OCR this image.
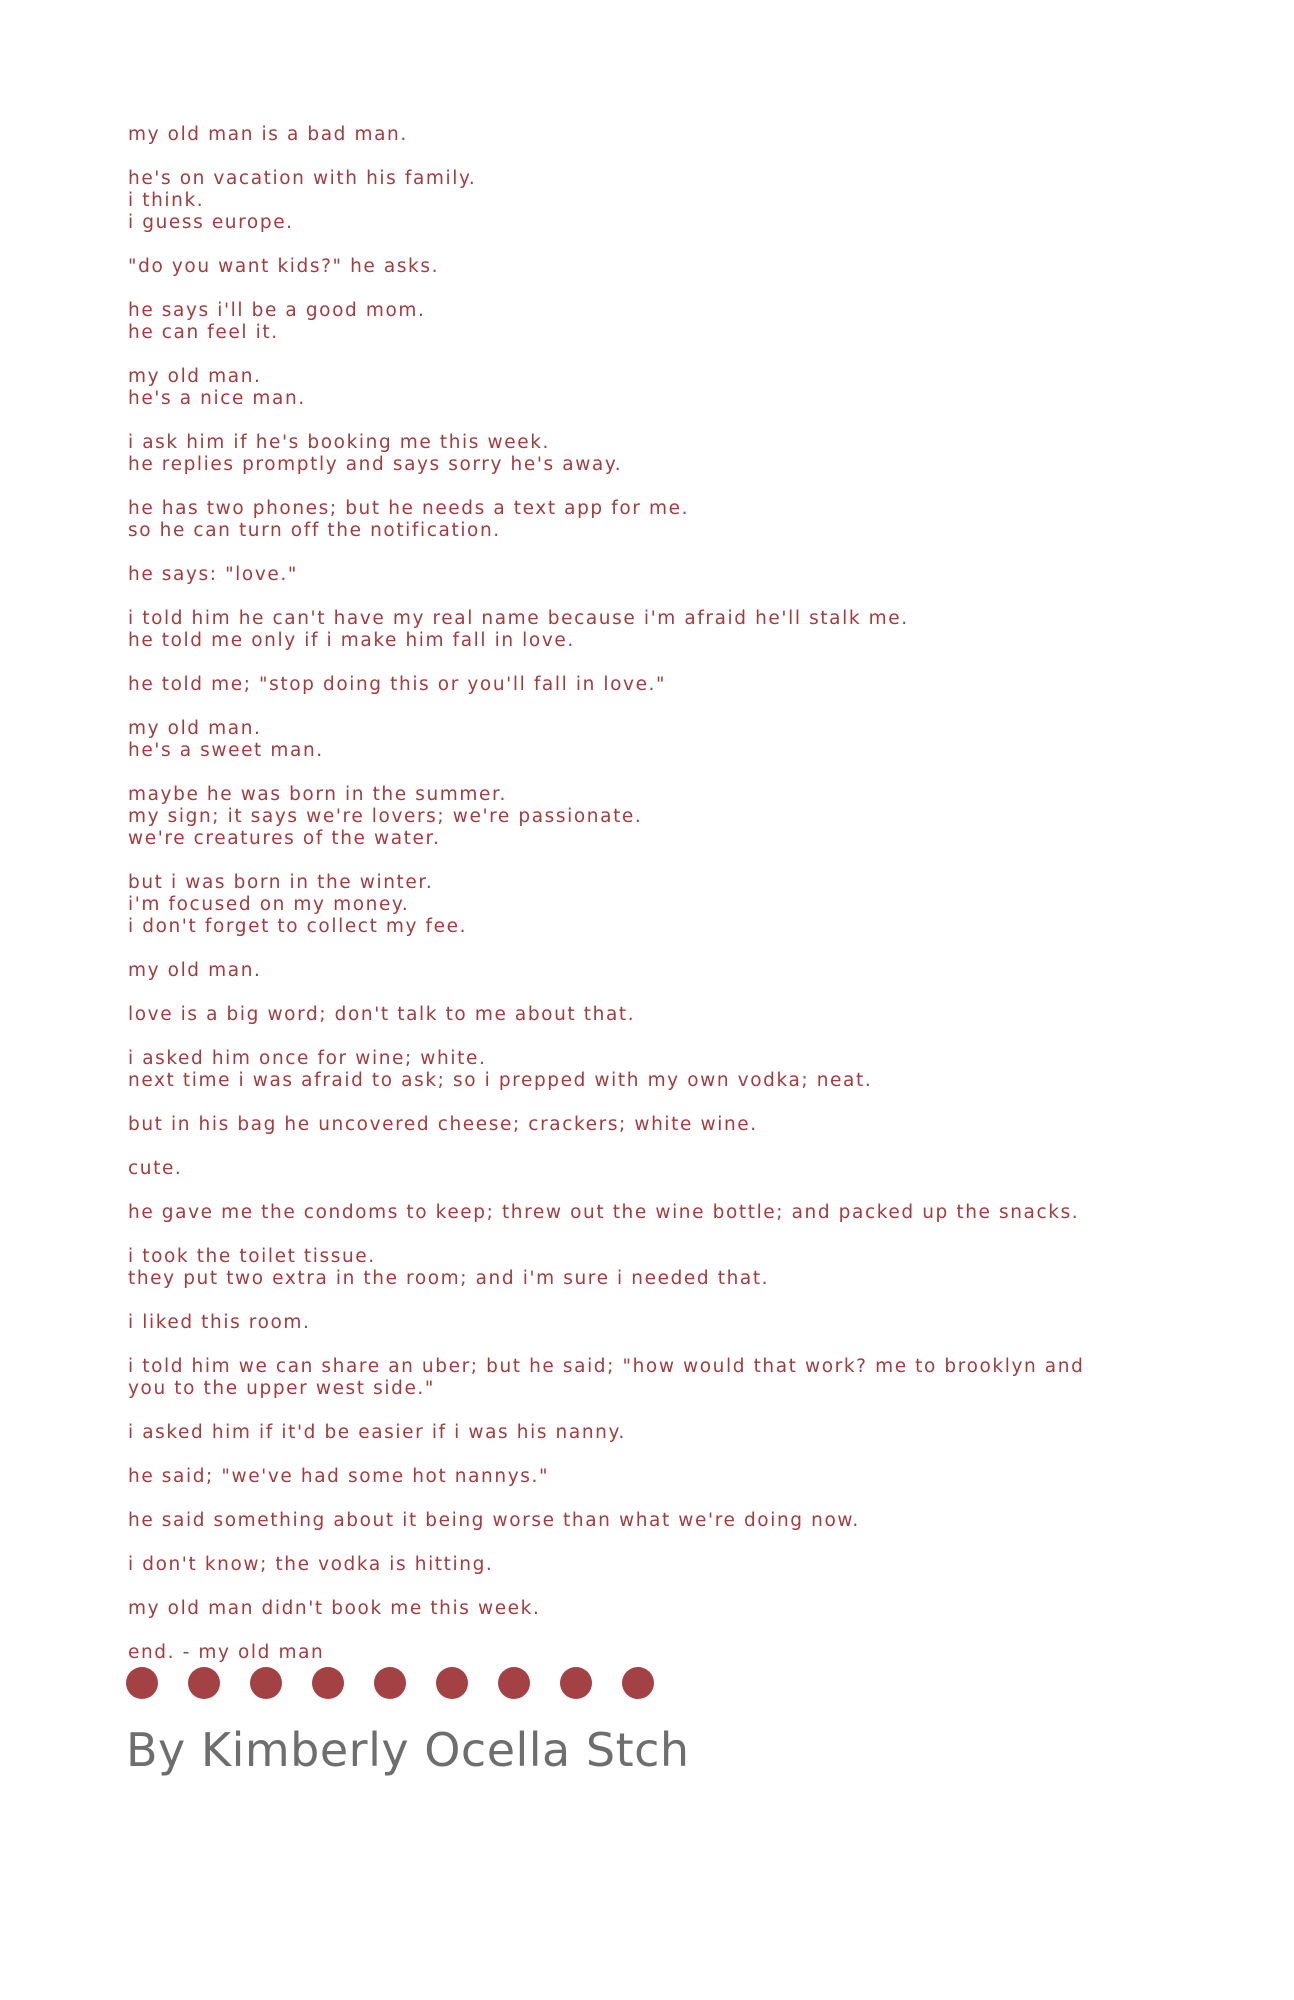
my old man is a bad man.
he's on vacation with his family.
i think.
i guess europe.
"do you want kids?" he asks.
he says i'll be a good mom.
he can feel it.
my old man.
he's a nice man.
i ask him if he's booking me this week.
he replies promptly and says sorry he's away.
he has two phones; but he needs a text app for me.
so he can turn off the notification.
he says: "love."
i told him he can't have my real name because i'm afraid he'll stalk me.
he told me only if i make him fall in love.
he told me; "stop doing this or you'll fall in love."
my old man.
he's a sweet man.
maybe he was born in the summer.
my sign; it says we're lovers; we're passionate.
we're creatures of the water.
but i was born in the winter.
i'm focused on my money.
i don't forget to collect my fee.
my old man.
love is a big word; don't talk to me about that.
i asked him once for wine; white.
next time i was afraid to ask; so i prepped with my own vodka; neat.
but in his bag he uncovered cheese; crackers; white wine.
cute.
he gave me the condoms to keep; threw out the wine bottle; and packed up the snacks.
i took the toilet tissue.
they put two extra in the room; and i'm sure i needed that.
i liked this room.
i told him we can share an uber; but he said; "how would that work? me to brooklyn and
you to the upper west side."
i asked him if it'd be easier if i was his nanny.
he said; "we've had some hot nannys."
he said something about it being worse than what we're doing now.
i don't know; the vodka is hitting.
my old man didn't book me this week.
end. - my old man
By Kimberly Ocella Stch
